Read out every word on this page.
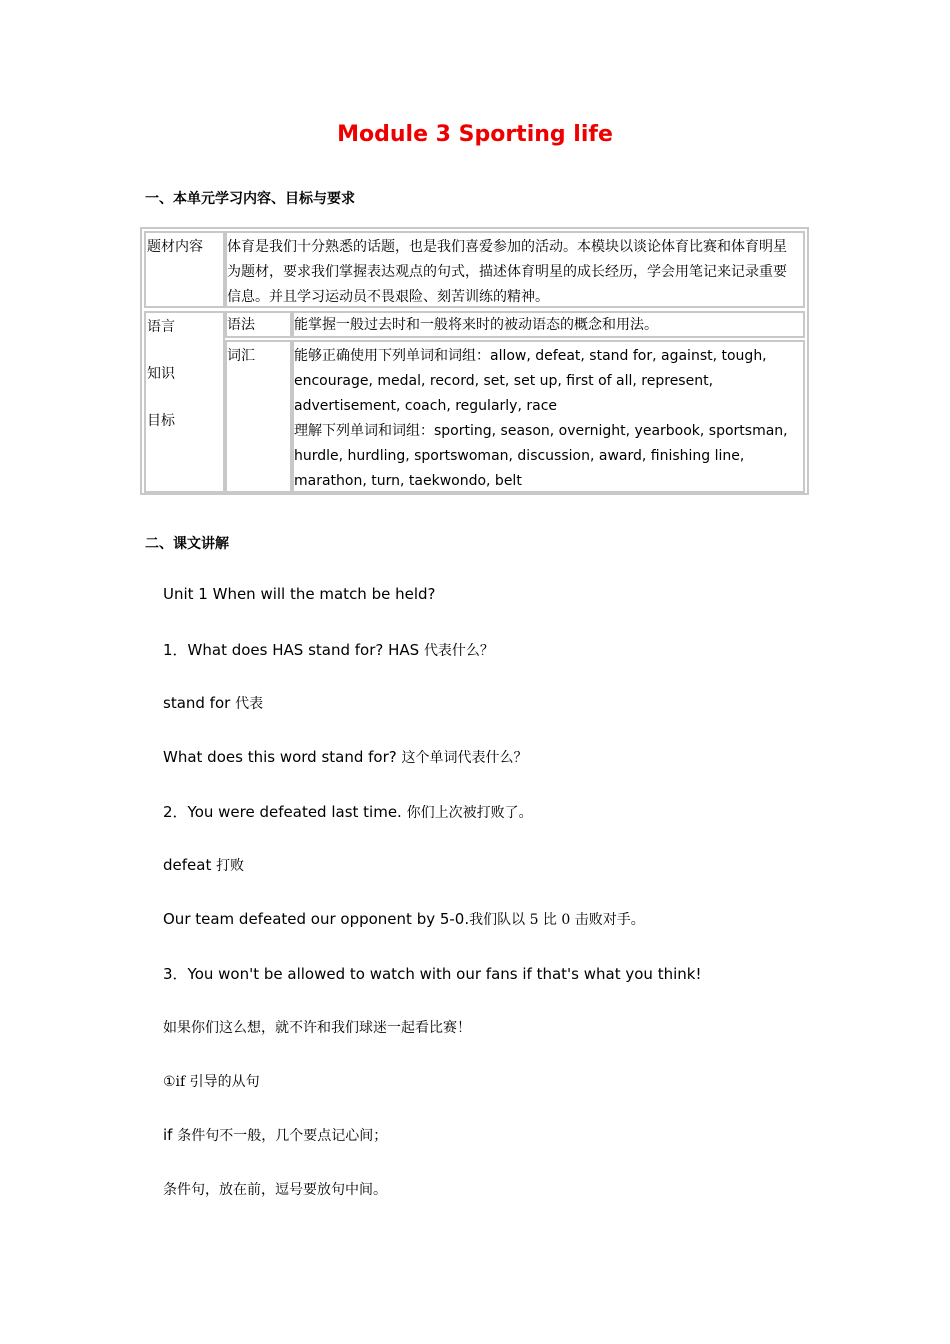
Module 3 Sporting life
一、本单元学习内容、目标与要求
题材内容 体育是我们十分熟悉的话题，也是我们喜爱参加的活动。本模块以谈论体育比赛和体育明星
为题材，要求我们掌握表达观点的句式，描述体育明星的成长经历，学会用笔记来记录重要
信息。并且学习运动员不畏艰险、刻苦训练的精神。
语言
知识
目标
语法	能掌握一般过去时和一般将来时的被动语态的概念和用法。
词汇	能够正确使用下列单词和词组：allow, defeat, stand for, against, tough,
encourage, medal, record, set, set up, first of all, represent,
advertisement, coach, regularly, race
理解下列单词和词组：sporting, season, overnight, yearbook, sportsman,
hurdle, hurdling, sportswoman, discussion, award, finishing line,
marathon, turn, taekwondo, belt
二、课文讲解
Unit 1 When will the match be held?
1．What does HAS stand for? HAS 代表什么？
stand for 代表
What does this word stand for? 这个单词代表什么？
2．You were defeated last time. 你们上次被打败了。
defeat 打败
Our team defeated our opponent by 5-0.我们队以 5 比 0 击败对手。
3．You won't be allowed to watch with our fans if that's what you think!
如果你们这么想，就不许和我们球迷一起看比赛！
①if 引导的从句
if 条件句不一般，几个要点记心间；
条件句，放在前，逗号要放句中间。
